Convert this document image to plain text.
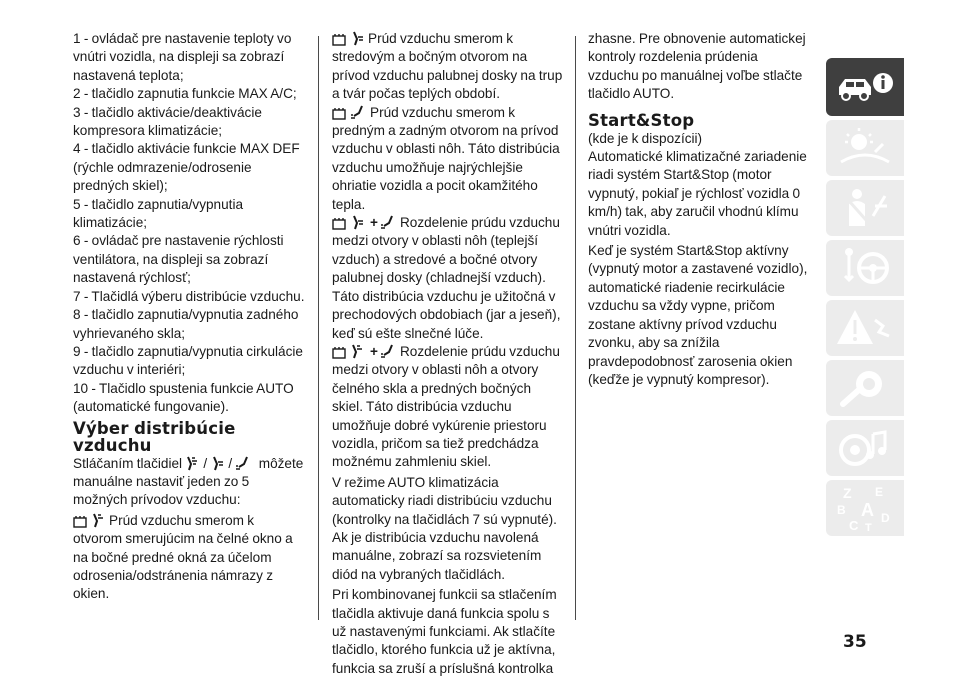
1 - ovládač pre nastavenie teploty vo vnútri vozidla, na displeji sa zobrazí nastavená teplota;

2 - tlačidlo zapnutia funkcie MAX A/C;

3 - tlačidlo aktivácie/deaktivácie kompresora klimatizácie;

4 - tlačidlo aktivácie funkcie MAX DEF (rýchle odmrazenie/odrosenie predných skiel);

5 - tlačidlo zapnutia/vypnutia klimatizácie;

6 - ovládač pre nastavenie rýchlosti ventilátora, na displeji sa zobrazí nastavená rýchlosť;

7 - Tlačidlá výberu distribúcie vzduchu.

8 - tlačidlo zapnutia/vypnutia zadného vyhrievaného skla;

9 - tlačidlo zapnutia/vypnutia cirkulácie vzduchu v interiéri;

10 - Tlačidlo spustenia funkcie AUTO (automatické fungovanie).

Výber distribúcie vzduchu

Stláčaním tlačidiel / / môžete manuálne nastaviť jeden zo 5 možných prívodov vzduchu:

Prúd vzduchu smerom k

otvorom smerujúcim na čelné okno a na bočné predné okná za účelom odrosenia/odstránenia námrazy z okien.

Prúd vzduchu smerom k

stredovým a bočným otvorom na prívod vzduchu palubnej dosky na trup a tvár počas teplých období.

Prúd vzduchu smerom k

predným a zadným otvorom na prívod vzduchu v oblasti nôh. Táto distribúcia vzduchu umožňuje najrýchlejšie ohriatie vozidla a pocit okamžitého tepla.

+ Rozdelenie prúdu vzduchu

medzi otvory v oblasti nôh (teplejší vzduch) a stredové a bočné otvory palubnej dosky (chladnejší vzduch). Táto distribúcia vzduchu je užitočná v prechodových obdobiach (jar a jeseň), keď sú ešte slnečné lúče.

+ Rozdelenie prúdu vzduchu

medzi otvory v oblasti nôh a otvory čelného skla a predných bočných skiel. Táto distribúcia vzduchu umožňuje dobré vykúrenie priestoru vozidla, pričom sa tiež predchádza možnému zahmleniu skiel.

V režime AUTO klimatizácia automaticky riadi distribúciu vzduchu (kontrolky na tlačidlách 7 sú vypnuté). Ak je distribúcia vzduchu navolená manuálne, zobrazí sa rozsvietením diód na vybraných tlačidlách.

Pri kombinovanej funkcii sa stlačením tlačidla aktivuje daná funkcia spolu s už nastavenými funkciami. Ak stlačíte tlačidlo, ktorého funkcia už je aktívna, funkcia sa zruší a príslušná kontrolka

zhasne. Pre obnovenie automatickej kontroly rozdelenia prúdenia vzduchu po manuálnej voľbe stlačte tlačidlo AUTO.

Start&Stop

(kde je k dispozícii)

Automatické klimatizačné zariadenie riadi systém Start&Stop (motor vypnutý, pokiaľ je rýchlosť vozidla 0 km/h) tak, aby zaručil vhodnú klímu vnútri vozidla.

Keď je systém Start&Stop aktívny (vypnutý motor a zastavené vozidlo), automatické riadenie recirkulácie vzduchu sa vždy vypne, pričom zostane aktívny prívod vzduchu zvonku, aby sa znížila pravdepodobnosť zarosenia okien (keďže je vypnutý kompresor).

Z E
B A
C D
T
35
